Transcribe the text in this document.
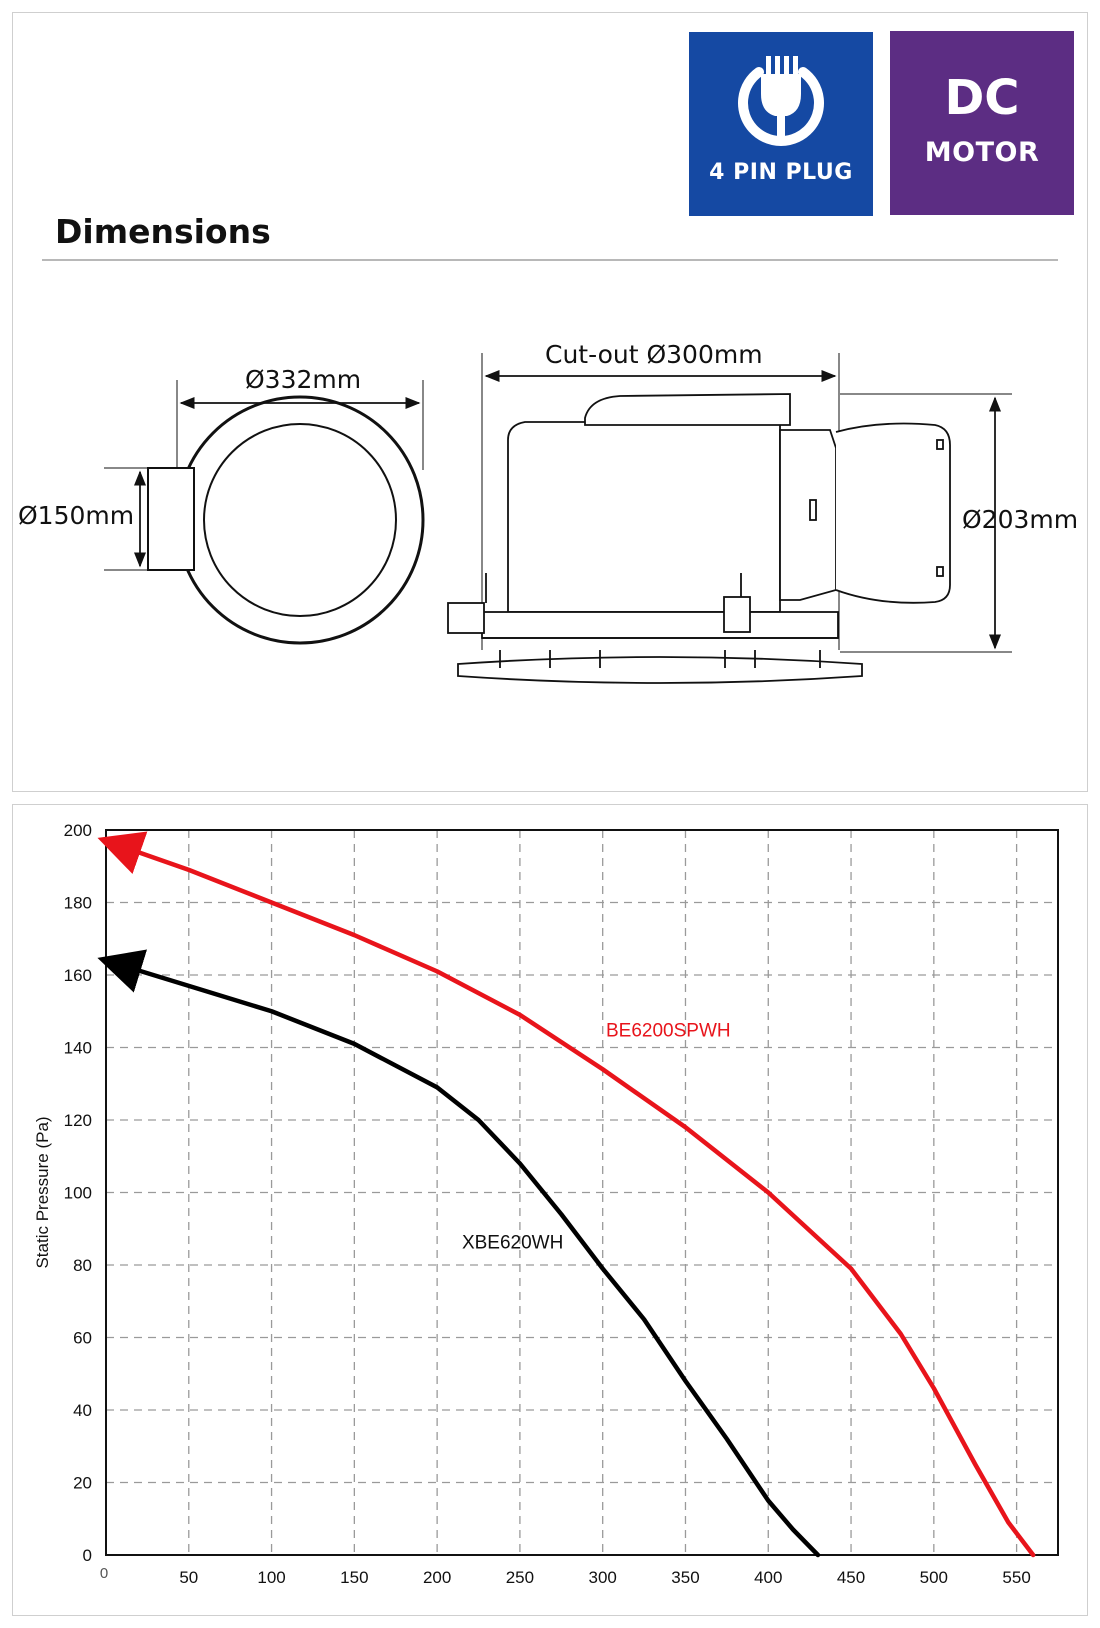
4 PIN PLUG
DC
MOTOR
Dimensions
Ø332mm
Ø150mm
Cut-out Ø300mm
Ø203mm
0	50	100	150	200	250	300	350	400	450	500	550
0
20
40
60
80
100
120
140
160
180
200
Static Pressure (Pa)
BE6200SPWH
XBE620WH
